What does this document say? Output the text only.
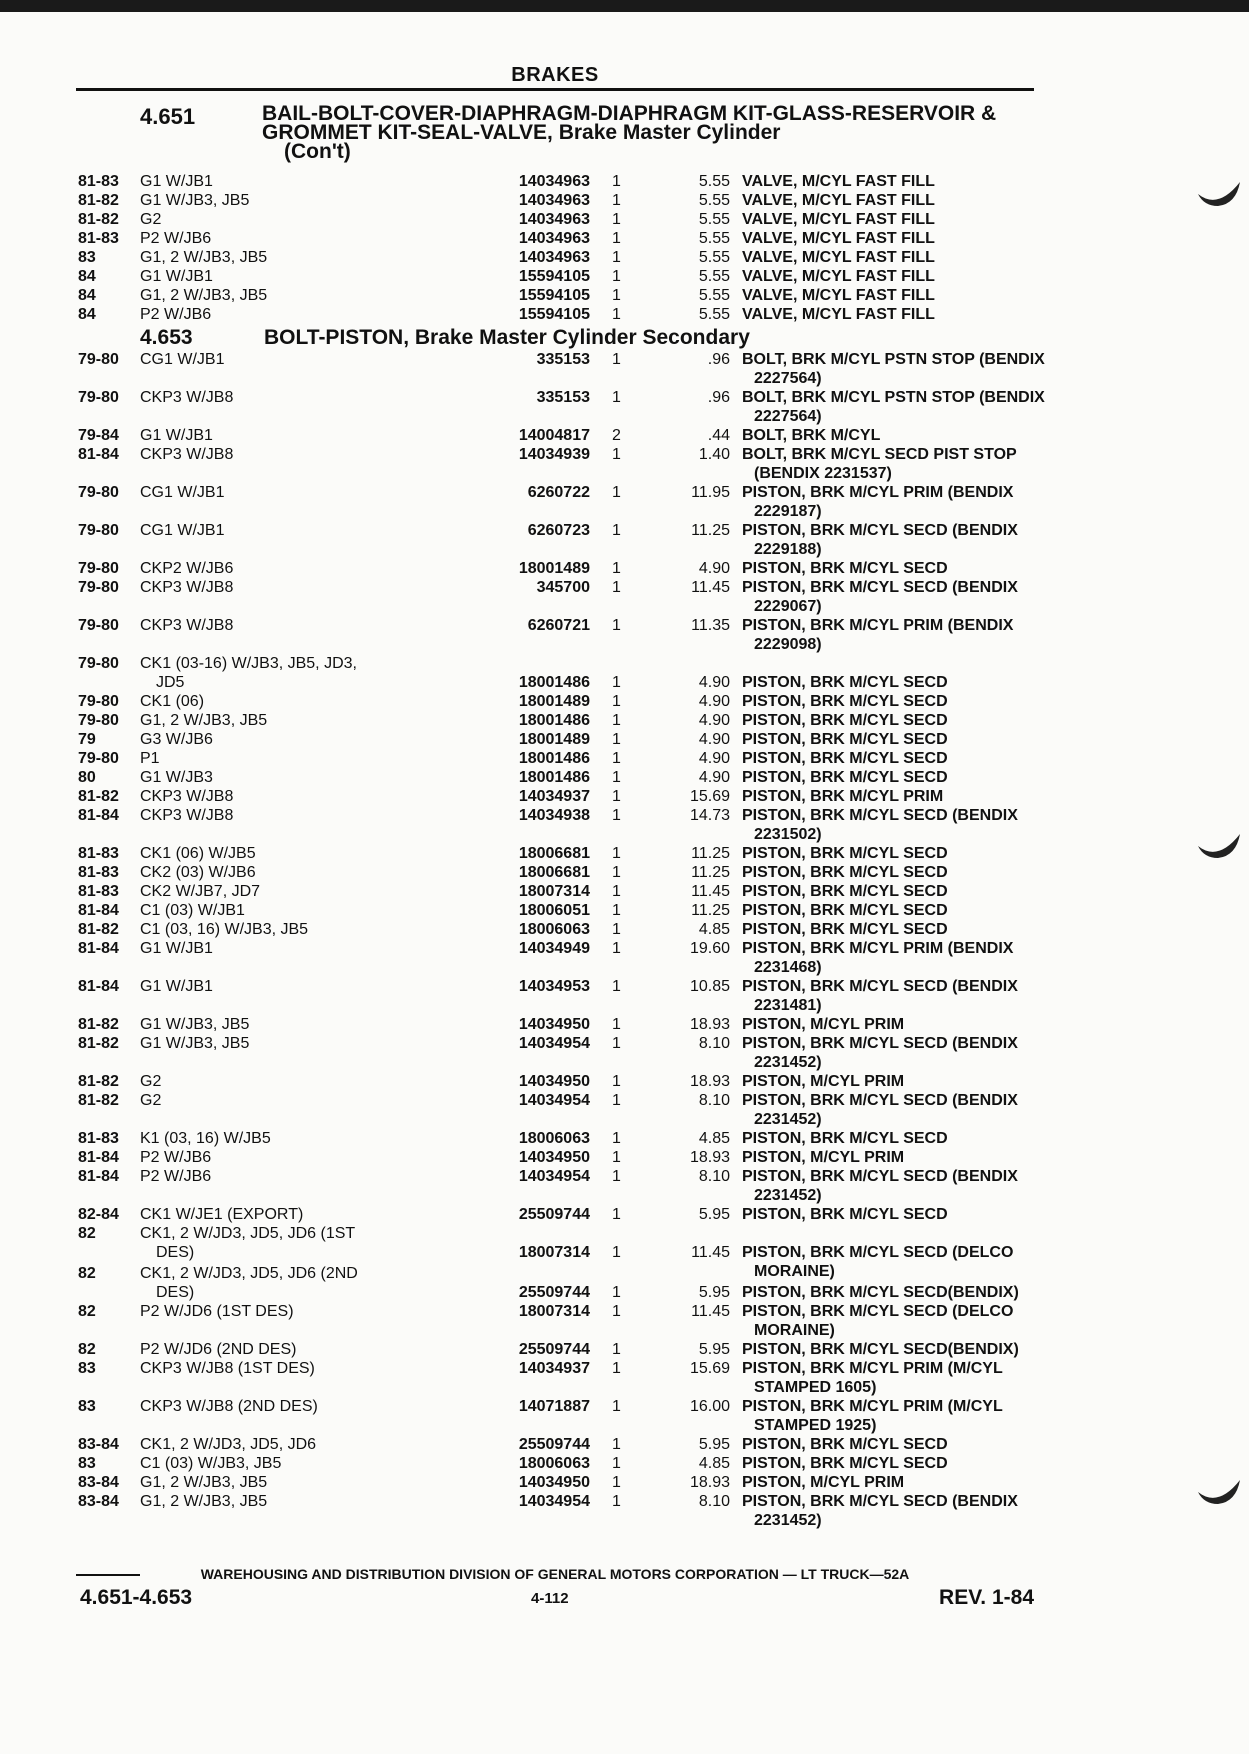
BRAKES
4.651	BAIL-BOLT-COVER-DIAPHRAGM-DIAPHRAGM KIT-GLASS-RESERVOIR & GROMMET KIT-SEAL-VALVE, Brake Master Cylinder
(Con't)
81-83	G1 W/JB1	14034963 1	5.55 VALVE, M/CYL FAST FILL
81-82	G1 W/JB3, JB5	14034963 1	5.55 VALVE, M/CYL FAST FILL
81-82	G2	14034963 1	5.55 VALVE, M/CYL FAST FILL
81-83	P2 W/JB6	14034963 1	5.55 VALVE, M/CYL FAST FILL
83	G1, 2 W/JB3, JB5	14034963 1	5.55 VALVE, M/CYL FAST FILL
84	G1 W/JB1	15594105 1	5.55 VALVE, M/CYL FAST FILL
84	G1, 2 W/JB3, JB5	15594105 1	5.55 VALVE, M/CYL FAST FILL
84	P2 W/JB6	15594105 1	5.55 VALVE, M/CYL FAST FILL
4.653	BOLT-PISTON, Brake Master Cylinder Secondary
79-80	CG1 W/JB1	335153 1	.96 BOLT, BRK M/CYL PSTN STOP (BENDIX
2227564)
79-80	CKP3 W/JB8	335153 1	.96 BOLT, BRK M/CYL PSTN STOP (BENDIX
2227564)
79-84	G1 W/JB1	14004817 2	.44 BOLT, BRK M/CYL
81-84	CKP3 W/JB8	14034939 1	1.40 BOLT, BRK M/CYL SECD PIST STOP
(BENDIX 2231537)
79-80	CG1 W/JB1	6260722 1	11.95 PISTON, BRK M/CYL PRIM (BENDIX
2229187)
79-80	CG1 W/JB1	6260723 1	11.25 PISTON, BRK M/CYL SECD (BENDIX
2229188)
79-80	CKP2 W/JB6	18001489 1	4.90 PISTON, BRK M/CYL SECD
79-80	CKP3 W/JB8	345700 1	11.45 PISTON, BRK M/CYL SECD (BENDIX
2229067)
79-80	CKP3 W/JB8	6260721 1	11.35 PISTON, BRK M/CYL PRIM (BENDIX
2229098)
79-80	CK1 (03-16) W/JB3, JB5, JD3,
JD5	18001486 1	4.90 PISTON, BRK M/CYL SECD
79-80	CK1 (06)	18001489 1	4.90 PISTON, BRK M/CYL SECD
79-80	G1, 2 W/JB3, JB5	18001486 1	4.90 PISTON, BRK M/CYL SECD
79	G3 W/JB6	18001489 1	4.90 PISTON, BRK M/CYL SECD
79-80	P1	18001486 1	4.90 PISTON, BRK M/CYL SECD
80	G1 W/JB3	18001486 1	4.90 PISTON, BRK M/CYL SECD
81-82	CKP3 W/JB8	14034937 1	15.69 PISTON, BRK M/CYL PRIM
81-84	CKP3 W/JB8	14034938 1	14.73 PISTON, BRK M/CYL SECD (BENDIX
2231502)
81-83	CK1 (06) W/JB5	18006681 1	11.25 PISTON, BRK M/CYL SECD
81-83	CK2 (03) W/JB6	18006681 1	11.25 PISTON, BRK M/CYL SECD
81-83	CK2 W/JB7, JD7	18007314 1	11.45 PISTON, BRK M/CYL SECD
81-84	C1 (03) W/JB1	18006051 1	11.25 PISTON, BRK M/CYL SECD
81-82	C1 (03, 16) W/JB3, JB5	18006063 1	4.85 PISTON, BRK M/CYL SECD
81-84	G1 W/JB1	14034949 1	19.60 PISTON, BRK M/CYL PRIM (BENDIX
2231468)
81-84	G1 W/JB1	14034953 1	10.85 PISTON, BRK M/CYL SECD (BENDIX
2231481)
81-82	G1 W/JB3, JB5	14034950 1	18.93 PISTON, M/CYL PRIM
81-82	G1 W/JB3, JB5	14034954 1	8.10 PISTON, BRK M/CYL SECD (BENDIX
2231452)
81-82	G2	14034950 1	18.93 PISTON, M/CYL PRIM
81-82	G2	14034954 1	8.10 PISTON, BRK M/CYL SECD (BENDIX
2231452)
81-83	K1 (03, 16) W/JB5	18006063 1	4.85 PISTON, BRK M/CYL SECD
81-84	P2 W/JB6	14034950 1	18.93 PISTON, M/CYL PRIM
81-84	P2 W/JB6	14034954 1	8.10 PISTON, BRK M/CYL SECD (BENDIX
2231452)
82-84	CK1 W/JE1 (EXPORT)	25509744 1	5.95 PISTON, BRK M/CYL SECD
82	CK1, 2 W/JD3, JD5, JD6 (1ST
DES)	18007314 1	11.45 PISTON, BRK M/CYL SECD (DELCO
MORAINE)
82	CK1, 2 W/JD3, JD5, JD6 (2ND
DES)	25509744 1	5.95 PISTON, BRK M/CYL SECD(BENDIX)
82	P2 W/JD6 (1ST DES)	18007314 1	11.45 PISTON, BRK M/CYL SECD (DELCO
MORAINE)
82	P2 W/JD6 (2ND DES)	25509744 1	5.95 PISTON, BRK M/CYL SECD(BENDIX)
83	CKP3 W/JB8 (1ST DES)	14034937 1	15.69 PISTON, BRK M/CYL PRIM (M/CYL
STAMPED 1605)
83	CKP3 W/JB8 (2ND DES)	14071887 1	16.00 PISTON, BRK M/CYL PRIM (M/CYL
STAMPED 1925)
83-84	CK1, 2 W/JD3, JD5, JD6	25509744 1	5.95 PISTON, BRK M/CYL SECD
83	C1 (03) W/JB3, JB5	18006063 1	4.85 PISTON, BRK M/CYL SECD
83-84	G1, 2 W/JB3, JB5	14034950 1	18.93 PISTON, M/CYL PRIM
83-84	G1, 2 W/JB3, JB5	14034954 1	8.10 PISTON, BRK M/CYL SECD (BENDIX
2231452)
WAREHOUSING AND DISTRIBUTION DIVISION OF GENERAL MOTORS CORPORATION — LT TRUCK—52A
4.651-4.653	4-112	REV. 1-84
